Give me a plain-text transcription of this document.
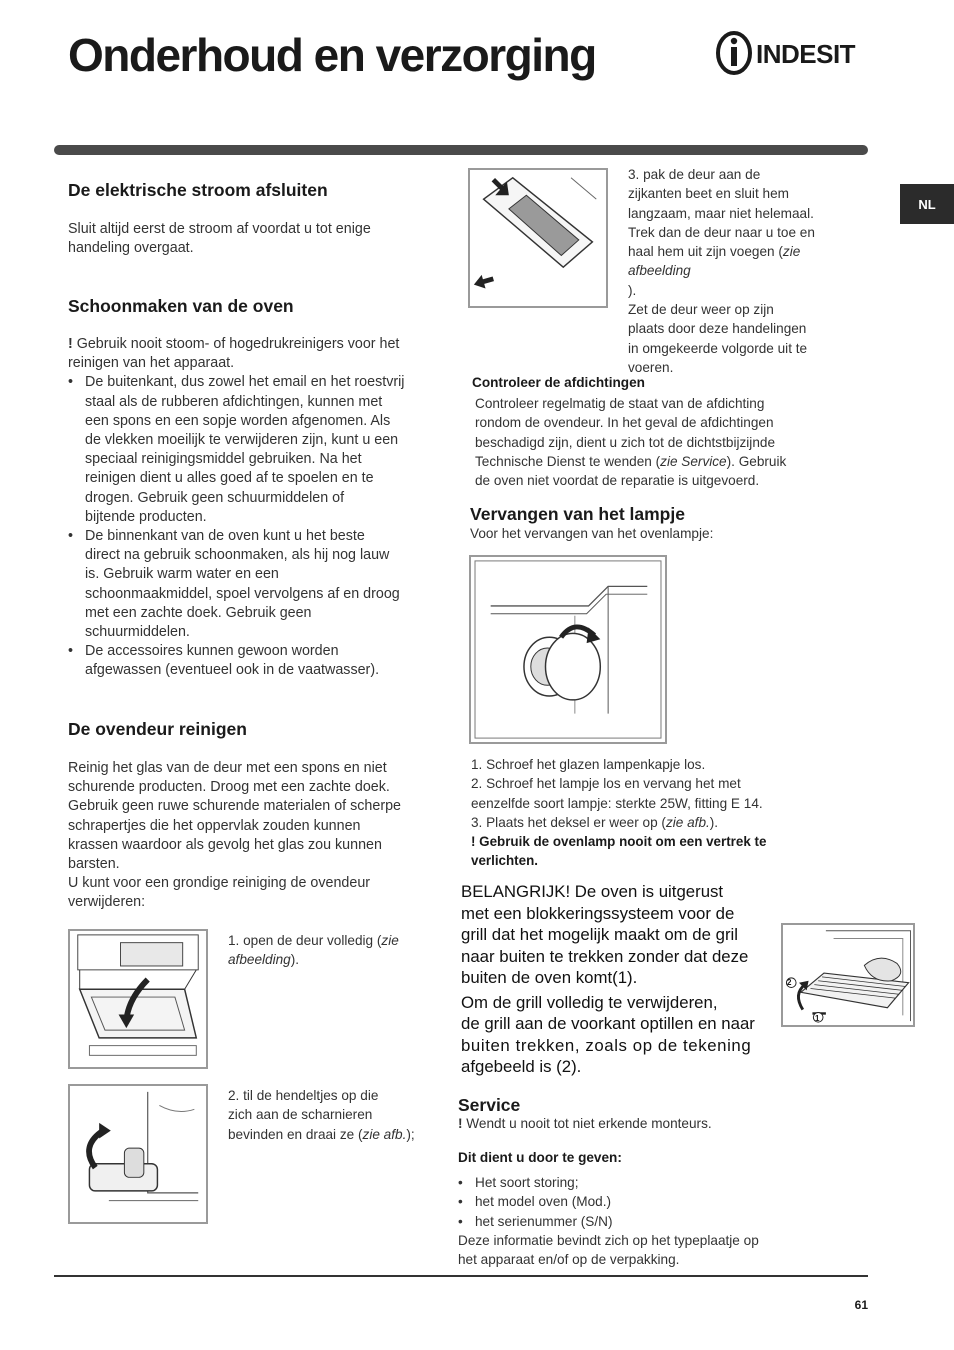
Onderhoud en verzorging	INDESIT
NL
De elektrische stroom afsluiten

Sluit altijd eerst de stroom af voordat u tot enige

handeling overgaat.

Schoonmaken van de oven

! Gebruik nooit stoom- of hogedrukreinigers voor het

reinigen van het apparaat.

• De buitenkant, dus zowel het email en het roestvrij

staal als de rubberen afdichtingen, kunnen met

een spons en een sopje worden afgenomen. Als

de vlekken moeilijk te verwijderen zijn, kunt u een

speciaal reinigingsmiddel gebruiken. Na het

reinigen dient u alles goed af te spoelen en te

drogen. Gebruik geen schuurmiddelen of

bijtende producten.

• De binnenkant van de oven kunt u het beste

direct na gebruik schoonmaken, als hij nog lauw

is. Gebruik warm water en een

schoonmaakmiddel, spoel vervolgens af en droog

met een zachte doek. Gebruik geen

schuurmiddelen.

• De accessoires kunnen gewoon worden

afgewassen (eventueel ook in de vaatwasser).

De ovendeur reinigen

Reinig het glas van de deur met een spons en niet

schurende producten. Droog met een zachte doek.

Gebruik geen ruwe schurende materialen of scherpe

schrapertjes die het oppervlak zouden kunnen

krassen waardoor als gevolg het glas zou kunnen

barsten.

U kunt voor een grondige reiniging de ovendeur

verwijderen:

1. open de deur volledig (zie afbeelding).

2. til de hendeltjes op die

zich aan de scharnieren

bevinden en draai ze (zie afb.);

3. pak de deur aan de

zijkanten beet en sluit hem

langzaam, maar niet helemaal.

Trek dan de deur naar u toe en

haal hem uit zijn voegen (zie afbeelding

).

Zet de deur weer op zijn

plaats door deze handelingen

in omgekeerde volgorde uit te

voeren.

Controleer de afdichtingen

Controleer regelmatig de staat van de afdichting

rondom de ovendeur. In het geval de afdichtingen

beschadigd zijn, dient u zich tot de dichtstbijzijnde

Technische Dienst te wenden (zie Service). Gebruik

de oven niet voordat de reparatie is uitgevoerd.

Vervangen van het lampje
Voor het vervangen van het ovenlampje:

1. Schroef het glazen lampenkapje los.

2. Schroef het lampje los en vervang het met

eenzelfde soort lampje: sterkte 25W, fitting E 14.

3. Plaats het deksel er weer op (zie afb.).

! Gebruik de ovenlamp nooit om een vertrek te

verlichten.

BELANGRIJK! De oven is uitgerust

met een blokkeringssysteem voor de

grill dat het mogelijk maakt om de gril

naar buiten te trekken zonder dat deze

buiten de oven komt(1).

Om de grill volledig te verwijderen,

de grill aan de voorkant optillen en naar

buiten trekken, zoals op de tekening

afgebeeld is (2).

1
2
Service
! Wendt u nooit tot niet erkende monteurs.
Dit dient u door te geven:
• Het soort storing;

• het model oven (Mod.)

• het serienummer (S/N)

Deze informatie bevindt zich op het typeplaatje op

het apparaat en/of op de verpakking.

61
